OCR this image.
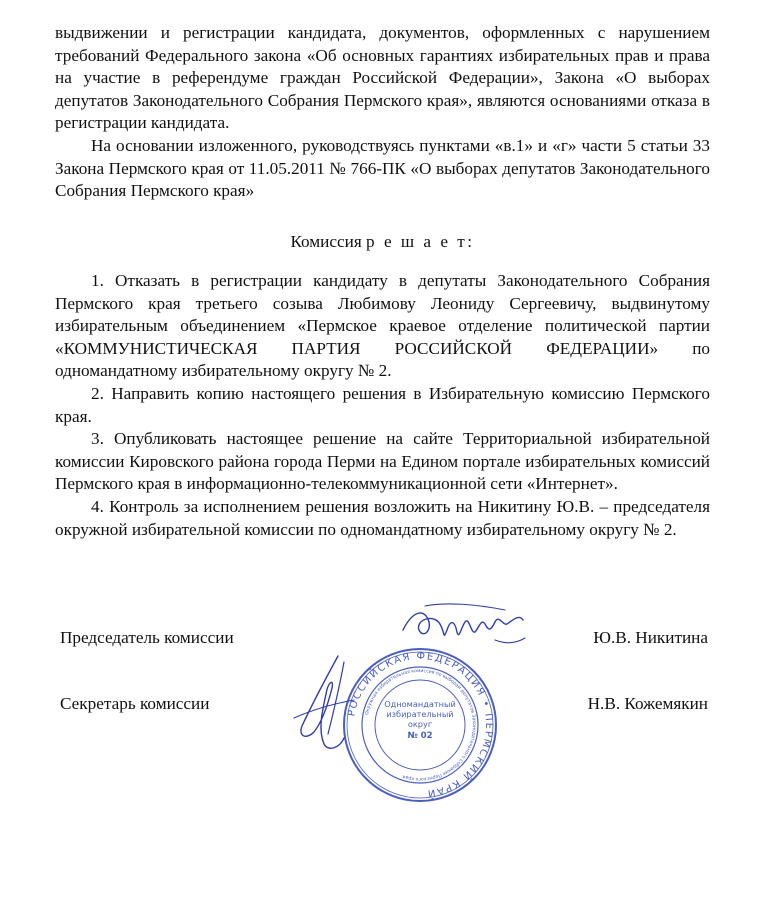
выдвижении и регистрации кандидата, документов, оформленных с нарушением требований Федерального закона «Об основных гарантиях избирательных прав и права на участие в референдуме граждан Российской Федерации», Закона «О выборах депутатов Законодательного Собрания Пермского края», являются основаниями отказа в регистрации кандидата.

На основании изложенного, руководствуясь пунктами «в.1» и «г» части 5 статьи 33 Закона Пермского края от 11.05.2011 № 766-ПК «О выборах депутатов Законодательного Собрания Пермского края»

Комиссия р е ш а е т:

1. Отказать в регистрации кандидату в депутаты Законодательного Собрания Пермского края третьего созыва Любимову Леониду Сергеевичу, выдвинутому избирательным объединением «Пермское краевое отделение политической партии «КОММУНИСТИЧЕСКАЯ ПАРТИЯ РОССИЙСКОЙ ФЕДЕРАЦИИ» по одномандатному избирательному округу № 2.

2. Направить копию настоящего решения в Избирательную комиссию Пермского края.

3. Опубликовать настоящее решение на сайте Территориальной избирательной комиссии Кировского района города Перми на Едином портале избирательных комиссий Пермского края в информационно-телекоммуникационной сети «Интернет».

4. Контроль за исполнением решения возложить на Никитину Ю.В. – председателя окружной избирательной комиссии по одномандатному избирательному округу № 2.

Председатель комиссии	Ю.В. Никитина
Секретарь комиссии	Н.В. Кожемякин
РОССИЙСКАЯ ФЕДЕРАЦИЯ • ПЕРМСКИЙ КРАЙ
Окружная избирательная комиссия по выборам депутатов Законодательного Собрания Пермского края
Одномандатный
избирательный
округ
№ 02
